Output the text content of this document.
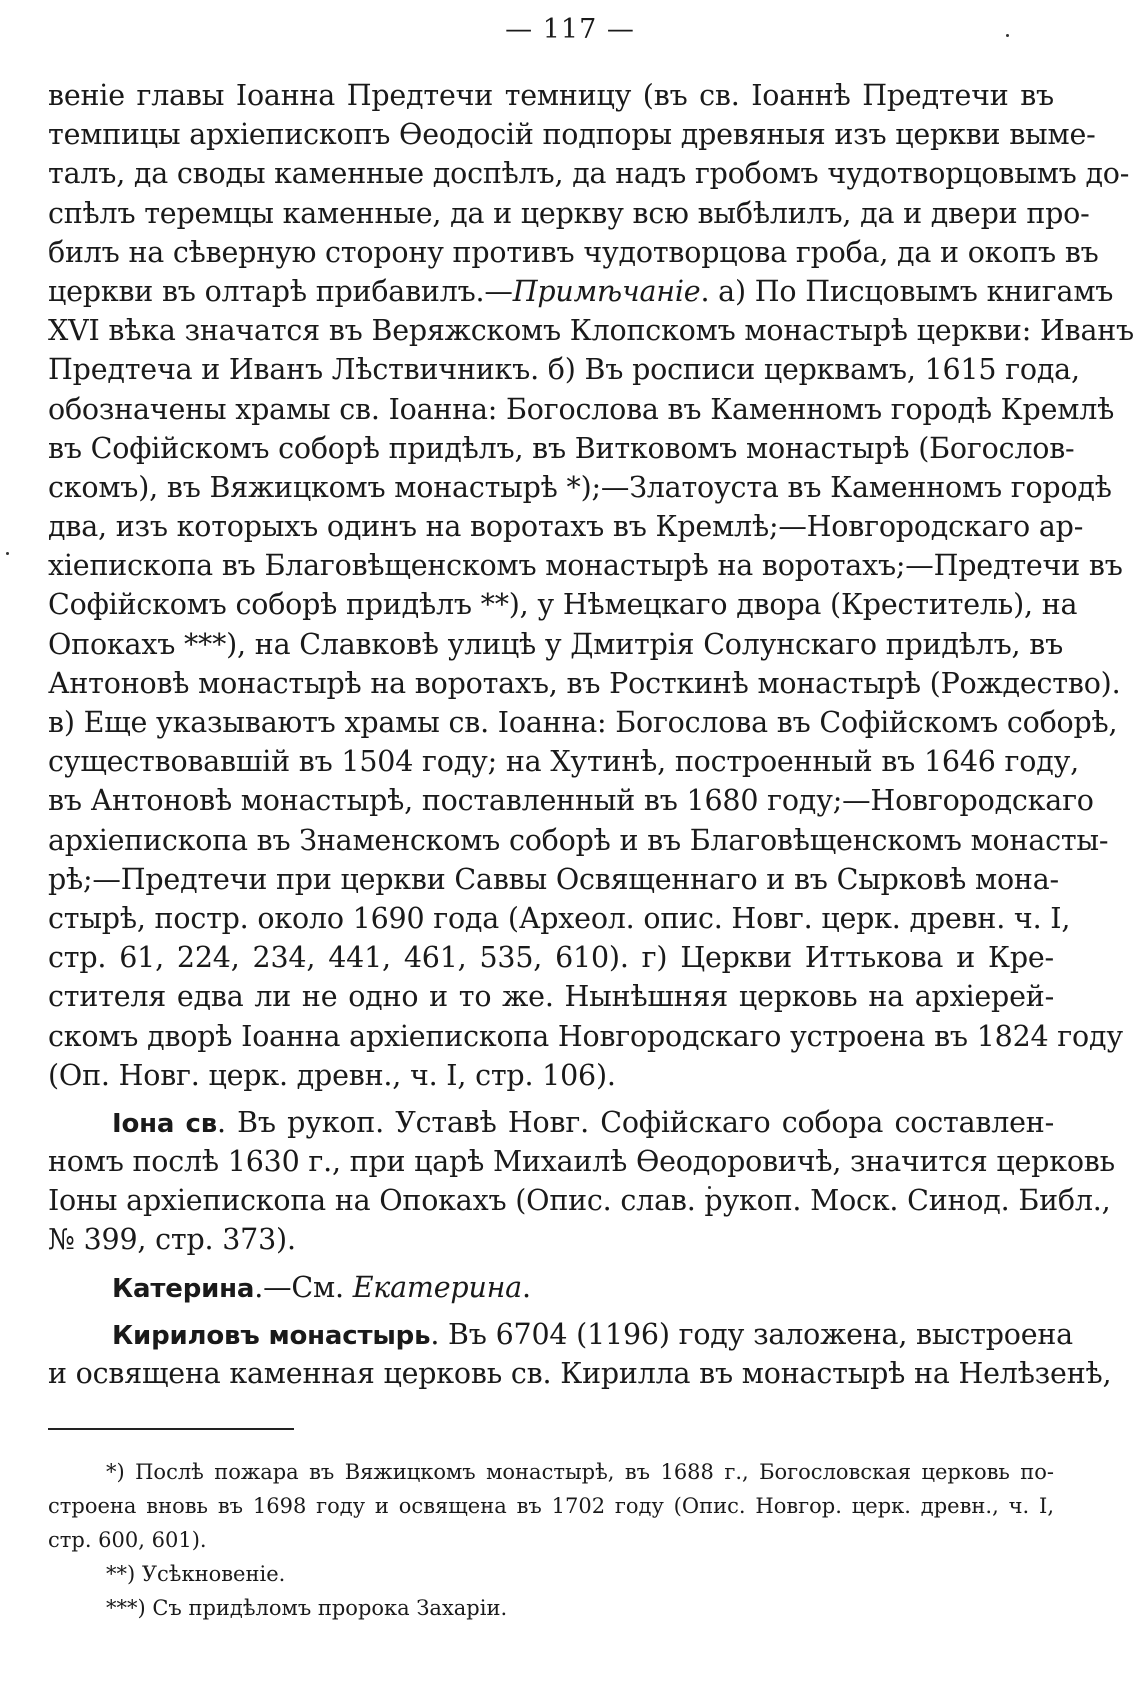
— 117 —
веніе главы Іоанна Предтечи темницу (въ св. Іоаннѣ Предтечи въ
темпицы архіепископъ Ѳеодосій подпоры древяныя изъ церкви выме-
талъ, да своды каменные доспѣлъ, да надъ гробомъ чудотворцовымъ до-
спѣлъ теремцы каменные, да и церкву всю выбѣлилъ, да и двери про-
билъ на сѣверную сторону противъ чудотворцова гроба, да и окопъ въ
церкви въ олтарѣ прибавилъ.—Примѣчаніе. а) По Писцовымъ книгамъ
XVI вѣка значатся въ Веряжскомъ Клопскомъ монастырѣ церкви: Иванъ
Предтеча и Иванъ Лѣствичникъ. б) Въ росписи церквамъ, 1615 года,
обозначены храмы св. Іоанна: Богослова въ Каменномъ городѣ Кремлѣ
въ Софійскомъ соборѣ придѣлъ, въ Витковомъ монастырѣ (Богослов-
скомъ), въ Вяжицкомъ монастырѣ *);—Златоуста въ Каменномъ городѣ
два, изъ которыхъ одинъ на воротахъ въ Кремлѣ;—Новгородскаго ар-
хіепископа въ Благовѣщенскомъ монастырѣ на воротахъ;—Предтечи въ
Софійскомъ соборѣ придѣлъ **), у Нѣмецкаго двора (Креститель), на
Опокахъ ***), на Славковѣ улицѣ у Дмитрія Солунскаго придѣлъ, въ
Антоновѣ монастырѣ на воротахъ, въ Росткинѣ монастырѣ (Рождество).
в) Еще указываютъ храмы св. Іоанна: Богослова въ Софійскомъ соборѣ,
существовавшій въ 1504 году; на Хутинѣ, построенный въ 1646 году,
въ Антоновѣ монастырѣ, поставленный въ 1680 году;—Новгородскаго
архіепископа въ Знаменскомъ соборѣ и въ Благовѣщенскомъ монасты-
рѣ;—Предтечи при церкви Саввы Освященнаго и въ Сырковѣ мона-
стырѣ, постр. около 1690 года (Археол. опис. Новг. церк. древн. ч. I,
стр. 61, 224, 234, 441, 461, 535, 610). г) Церкви Иттькова и Кре-
стителя едва ли не одно и то же. Нынѣшняя церковь на архіерей-
скомъ дворѣ Іоанна архіепископа Новгородскаго устроена въ 1824 году
(Оп. Новг. церк. древн., ч. I, стр. 106).
Іона св. Въ рукоп. Уставѣ Новг. Софійскаго собора составлен-
номъ послѣ 1630 г., при царѣ Михаилѣ Ѳеодоровичѣ, значится церковь
Іоны архіепископа на Опокахъ (Опис. слав. рукоп. Моск. Синод. Библ.,
№ 399, стр. 373).
Катерина.—См. Екатерина.
Кириловъ монастырь. Въ 6704 (1196) году заложена, выстроена
и освящена каменная церковь св. Кирилла въ монастырѣ на Нелѣзенѣ,
*) Послѣ пожара въ Вяжицкомъ монастырѣ, въ 1688 г., Богословская церковь по-
строена вновь въ 1698 году и освящена въ 1702 году (Опис. Новгор. церк. древн., ч. I,
стр. 600, 601).
**) Усѣкновеніе.
***) Съ придѣломъ пророка Захаріи.
